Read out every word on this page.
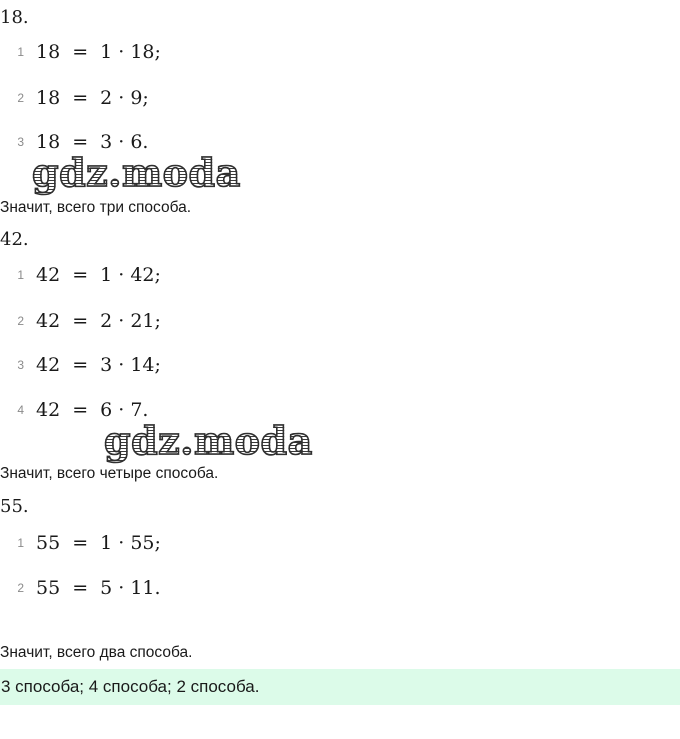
18.
1 18 = 1 · 18;
2 18 = 2 · 9;
3 18 = 3 · 6.
gdz.moda
Значит, всего три способа.
42.
1 42 = 1 · 42;
2 42 = 2 · 21;
3 42 = 3 · 14;
4 42 = 6 · 7.
gdz.moda
Значит, всего четыре способа.
55.
1 55 = 1 · 55;
2 55 = 5 · 11.
Значит, всего два способа.
3 способа; 4 способа; 2 способа.
